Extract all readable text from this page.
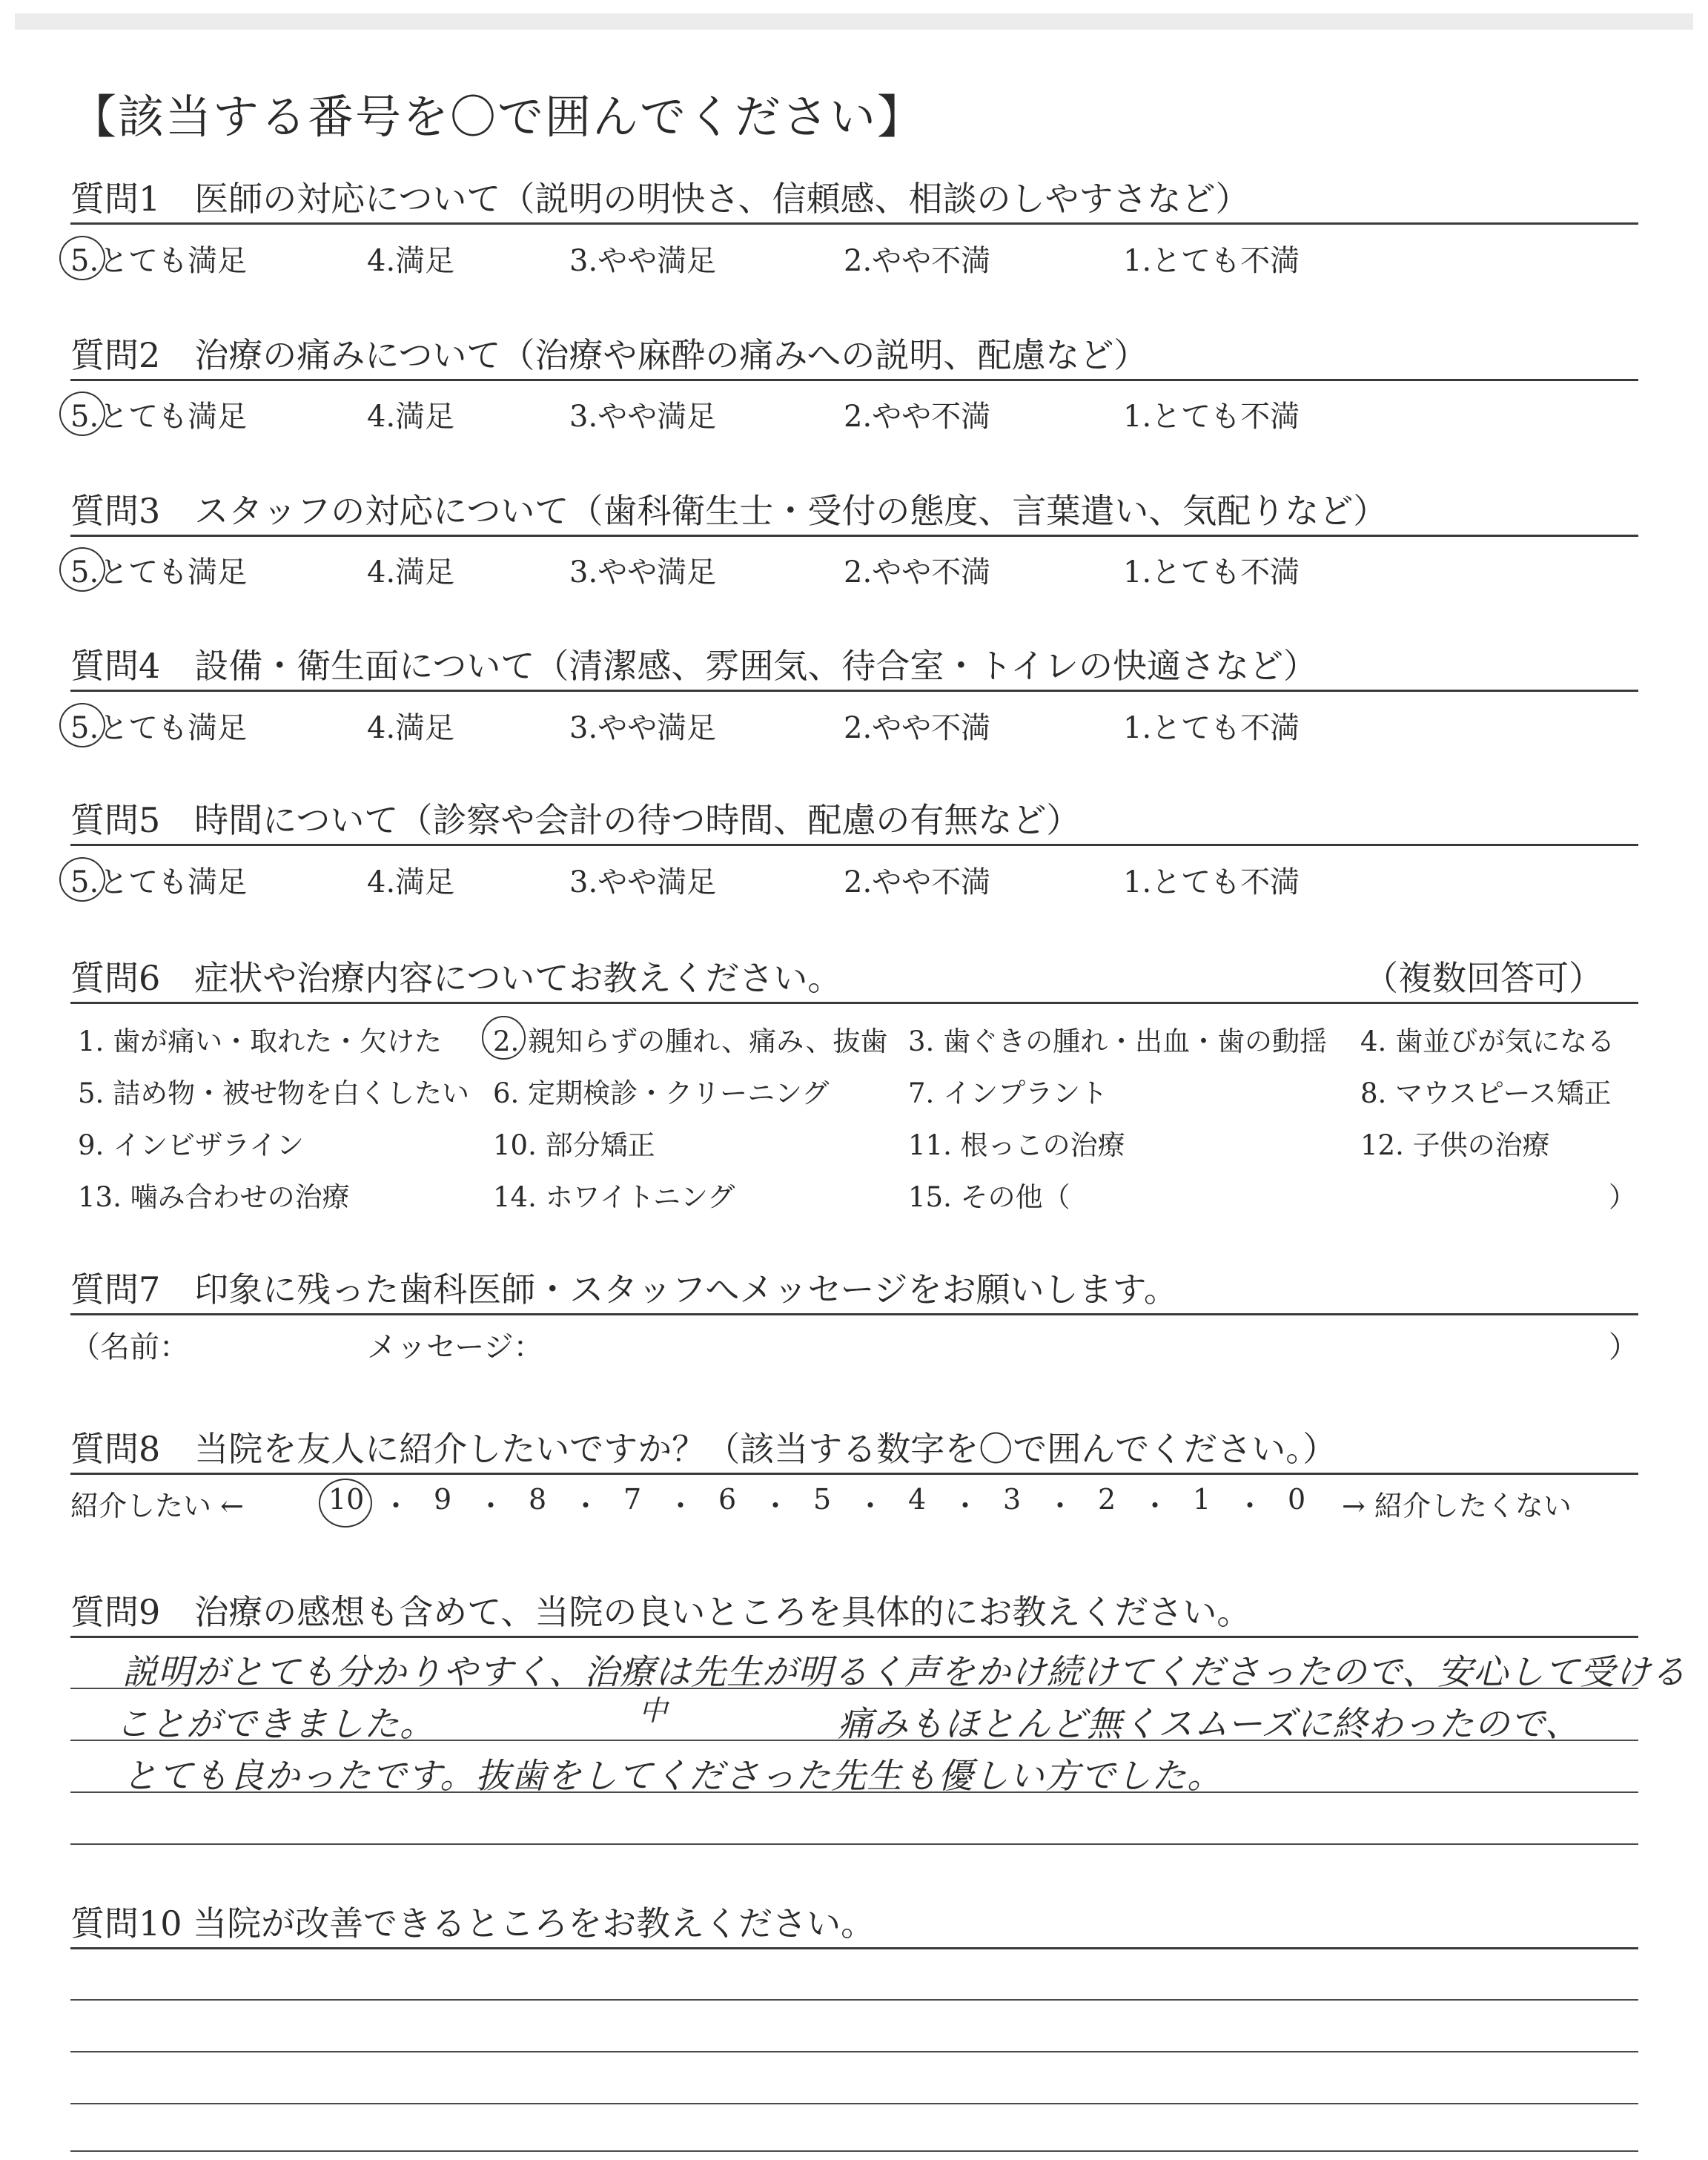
【該当する番号を〇で囲んでください】
質問1　医師の対応について（説明の明快さ、信頼感、相談のしやすさなど）
質問2　治療の痛みについて（治療や麻酔の痛みへの説明、配慮など）
質問3　スタッフの対応について（歯科衛生士・受付の態度、言葉遣い、気配りなど）
質問4　設備・衛生面について（清潔感、雰囲気、待合室・トイレの快適さなど）
質問5　時間について（診察や会計の待つ時間、配慮の有無など）
5.とても満足	4.満足	3.やや満足	2.やや不満	1.とても不満
5.とても満足	4.満足	3.やや満足	2.やや不満	1.とても不満
5.とても満足	4.満足	3.やや満足	2.やや不満	1.とても不満
5.とても満足	4.満足	3.やや満足	2.やや不満	1.とても不満
5.とても満足	4.満足	3.やや満足	2.やや不満	1.とても不満
質問6　症状や治療内容についてお教えください。	（複数回答可）
1. 歯が痛い・取れた・欠けた 2. 親知らずの腫れ、痛み、抜歯 3. 歯ぐきの腫れ・出血・歯の動揺 4. 歯並びが気になる
5. 詰め物・被せ物を白くしたい 6. 定期検診・クリーニング	7. インプラント	8. マウスピース矯正
9. インビザライン	10. 部分矯正	11. 根っこの治療	12. 子供の治療
13. 噛み合わせの治療	14. ホワイトニング	15. その他（	）
質問7　印象に残った歯科医師・スタッフへメッセージをお願いします。
（名前：	メッセージ：	）
質問8　当院を友人に紹介したいですか？（該当する数字を〇で囲んでください。）
紹介したい ←	10 ・ 9 ・ 8 ・ 7 ・ 6 ・ 5 ・ 4 ・ 3 ・ 2 ・ 1 ・ 0 → 紹介したくない
質問9　治療の感想も含めて、当院の良いところを具体的にお教えください。
説明がとても分かりやすく、治療は先生が明るく声をかけ続けてくださったので、安心して受ける
ことができました。	中	痛みもほとんど無くスムーズに終わったので、
とても良かったです。抜歯をしてくださった先生も優しい方でした。
質問10 当院が改善できるところをお教えください。
